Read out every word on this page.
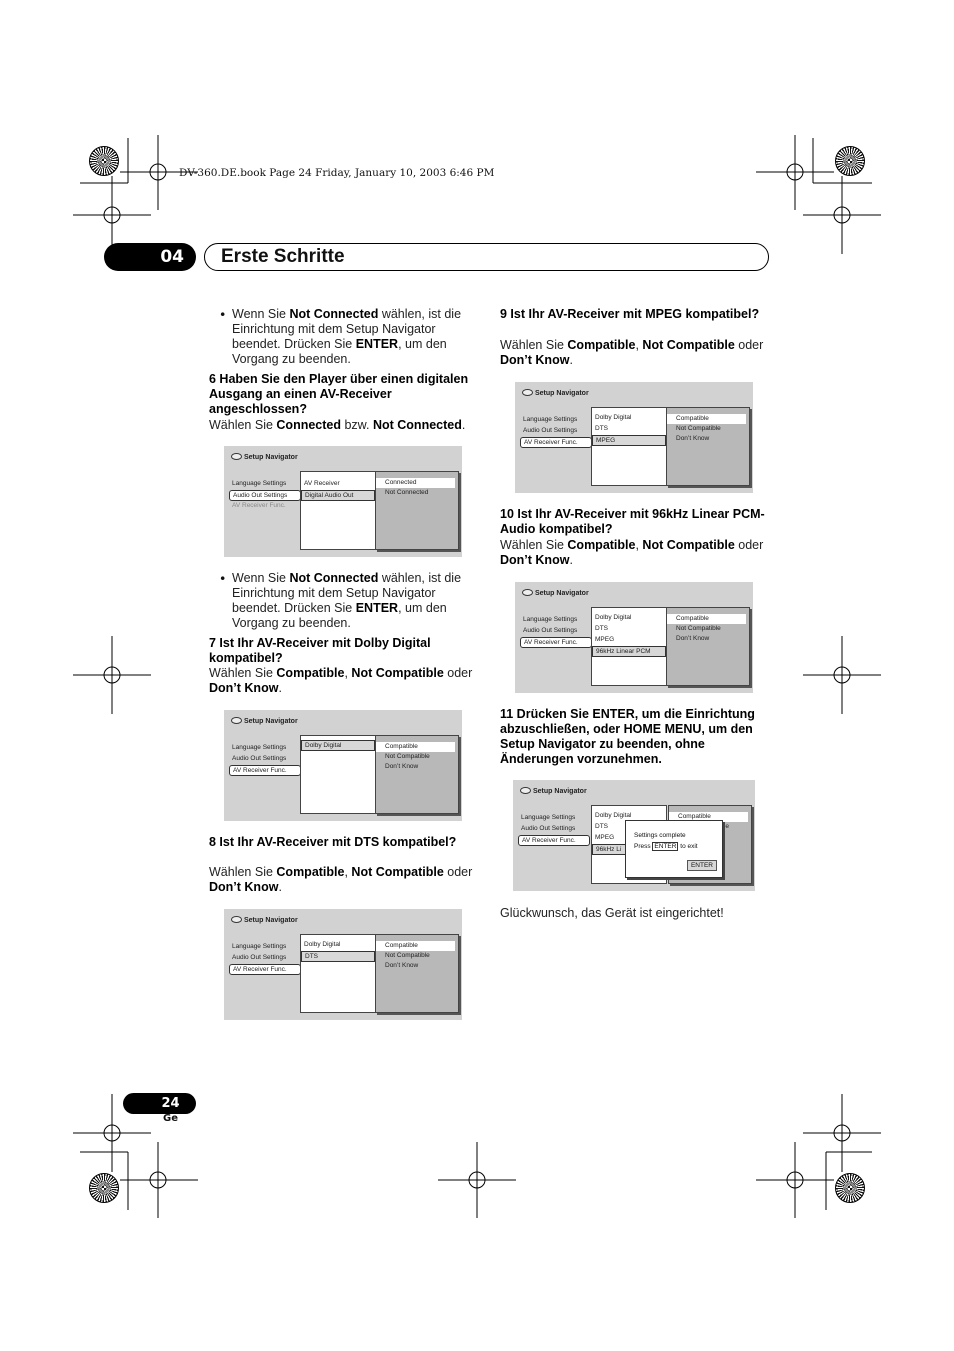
DV-360.DE.book Page 24 Friday, January 10, 2003 6:46 PM
04	Erste Schritte
• Wenn Sie Not Connected wählen, ist die Einrichtung mit dem Setup Navigator beendet. Drücken Sie ENTER, um den Vorgang zu beenden.
6 Haben Sie den Player über einen digitalen Ausgang an einen AV-Receiver angeschlossen?
Wählen Sie Connected bzw. Not Connected.
Setup Navigator
Language Settings
Audio Out Settings
AV Receiver Func.
AV Receiver
Digital Audio Out
Connected
Not Connected
• Wenn Sie Not Connected wählen, ist die Einrichtung mit dem Setup Navigator beendet. Drücken Sie ENTER, um den Vorgang zu beenden.
7 Ist Ihr AV-Receiver mit Dolby Digital kompatibel?
Wählen Sie Compatible, Not Compatible oder Don’t Know.
Setup Navigator
Language Settings
Audio Out Settings
AV Receiver Func.
Dolby Digital	Compatible
Not Compatible
Don’t Know
8 Ist Ihr AV-Receiver mit DTS kompatibel?
Wählen Sie Compatible, Not Compatible oder Don’t Know.
Setup Navigator
Language Settings
Audio Out Settings
AV Receiver Func.
Dolby Digital
DTS
Compatible
Not Compatible
Don’t Know
9 Ist Ihr AV-Receiver mit MPEG kompatibel?
Wählen Sie Compatible, Not Compatible oder Don’t Know.
Setup Navigator
Language Settings
Audio Out Settings
AV Receiver Func.
Dolby Digital
DTS
MPEG
Compatible
Not Compatible
Don’t Know
10 Ist Ihr AV-Receiver mit 96kHz Linear PCM-Audio kompatibel?
Wählen Sie Compatible, Not Compatible oder Don’t Know.
Setup Navigator
Language Settings
Audio Out Settings
AV Receiver Func.
Dolby Digital
DTS
MPEG
96kHz Linear PCM
Compatible
Not Compatible
Don’t Know
11 Drücken Sie ENTER, um die Einrichtung abzuschließen, oder HOME MENU, um den Setup Navigator zu beenden, ohne Änderungen vorzunehmen.
Setup Navigator
Language Settings
Audio Out Settings
AV Receiver Func.
Dolby Digital
DTS
MPEG
96kHz Li
Compatible
le
Settings complete
Press ENTER to exit
ENTER
Glückwunsch, das Gerät ist eingerichtet!
24
Ge
